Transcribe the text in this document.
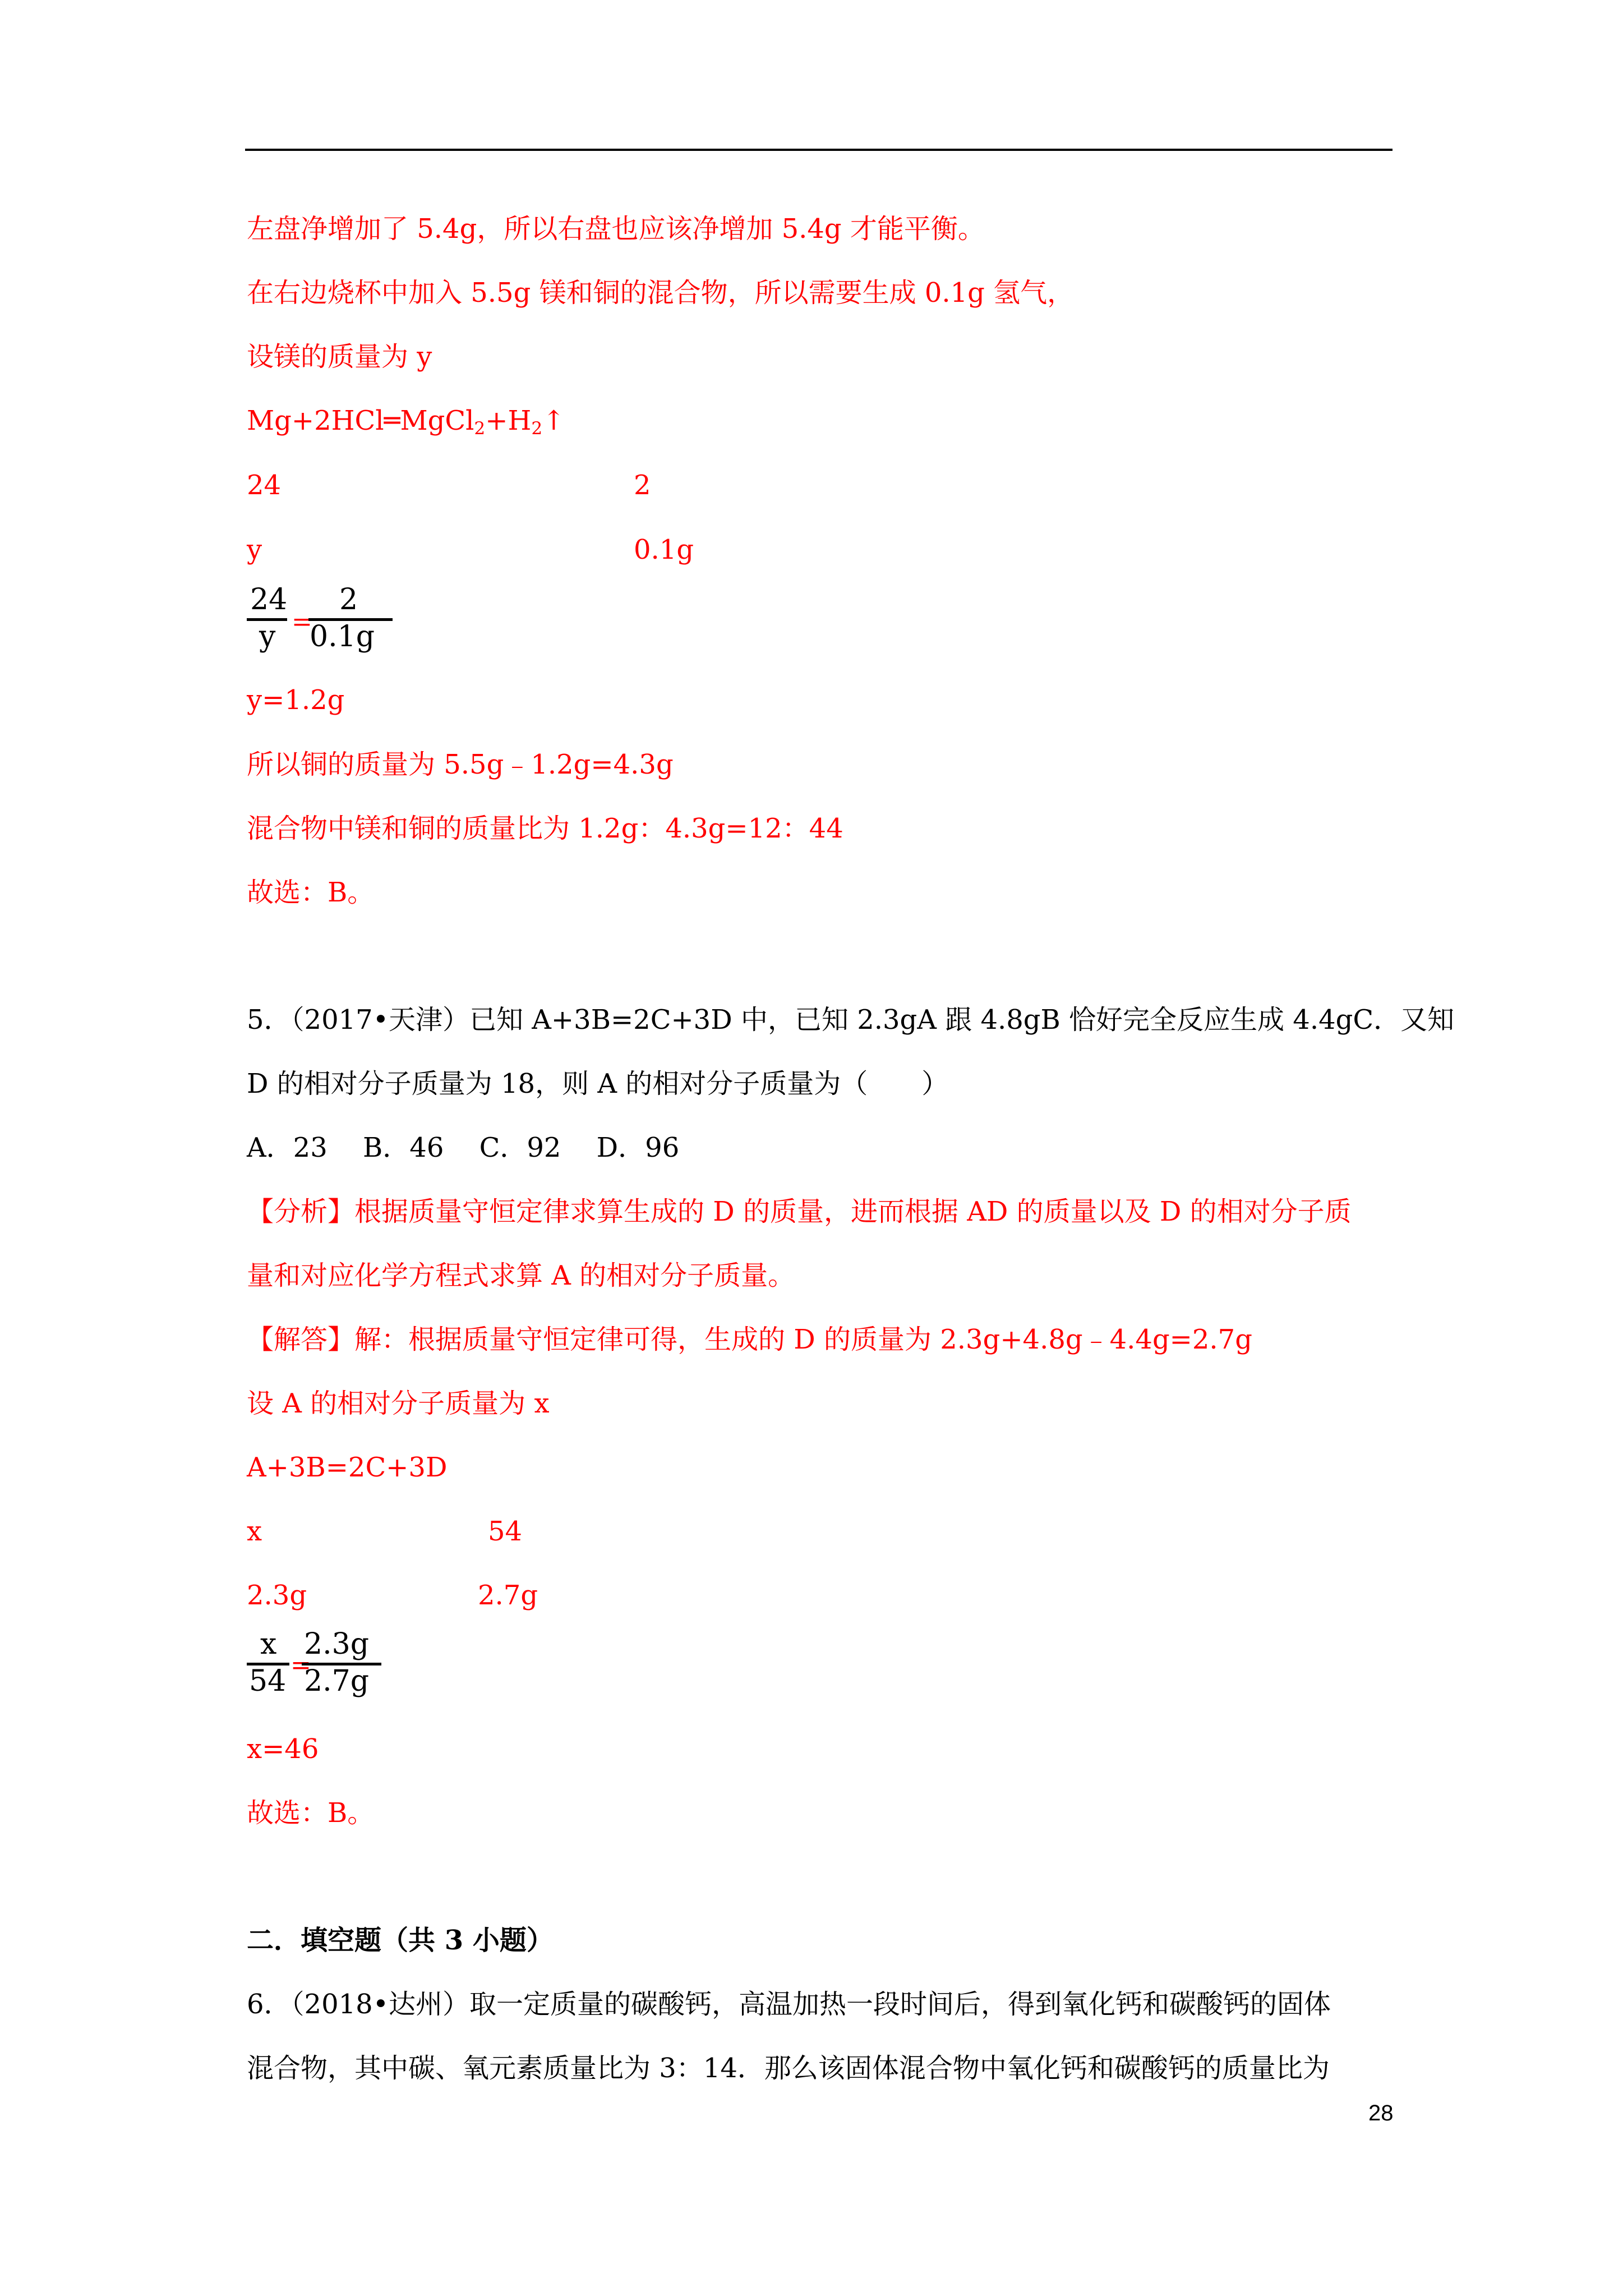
左盘净增加了 5.4g，所以右盘也应该净增加 5.4g 才能平衡。
在右边烧杯中加入 5.5g 镁和铜的混合物，所以需要生成 0.1g 氢气，
设镁的质量为 y
$Mg+2HCl═MgCl_2+H_2↑$
24	2
y	0.1g
24
y =
2
0.1g
y=1.2g
所以铜的质量为 5.5g﹣1.2g=4.3g
混合物中镁和铜的质量比为 1.2g：4.3g=12：44
故选：B。
5．（2017•天津）已知 A+3B=2C+3D 中，已知 2.3gA 跟 4.8gB 恰好完全反应生成 4.4gC．又知
D 的相对分子质量为 18，则 A 的相对分子质量为（　　）
A．23　 B．46　 C．92　 D．96
【分析】根据质量守恒定律求算生成的 D 的质量，进而根据 AD 的质量以及 D 的相对分子质
量和对应化学方程式求算 A 的相对分子质量。
【解答】解：根据质量守恒定律可得，生成的 D 的质量为 2.3g+4.8g﹣4.4g=2.7g
设 A 的相对分子质量为 x
A+3B=2C+3D
x	54
2.3g	2.7g
x
54 =
2.3g
2.7g
x=46
故选：B。
二．填空题（共 3 小题）
6．（2018•达州）取一定质量的碳酸钙，高温加热一段时间后，得到氧化钙和碳酸钙的固体
混合物，其中碳、氧元素质量比为 3：14．那么该固体混合物中氧化钙和碳酸钙的质量比为
28
